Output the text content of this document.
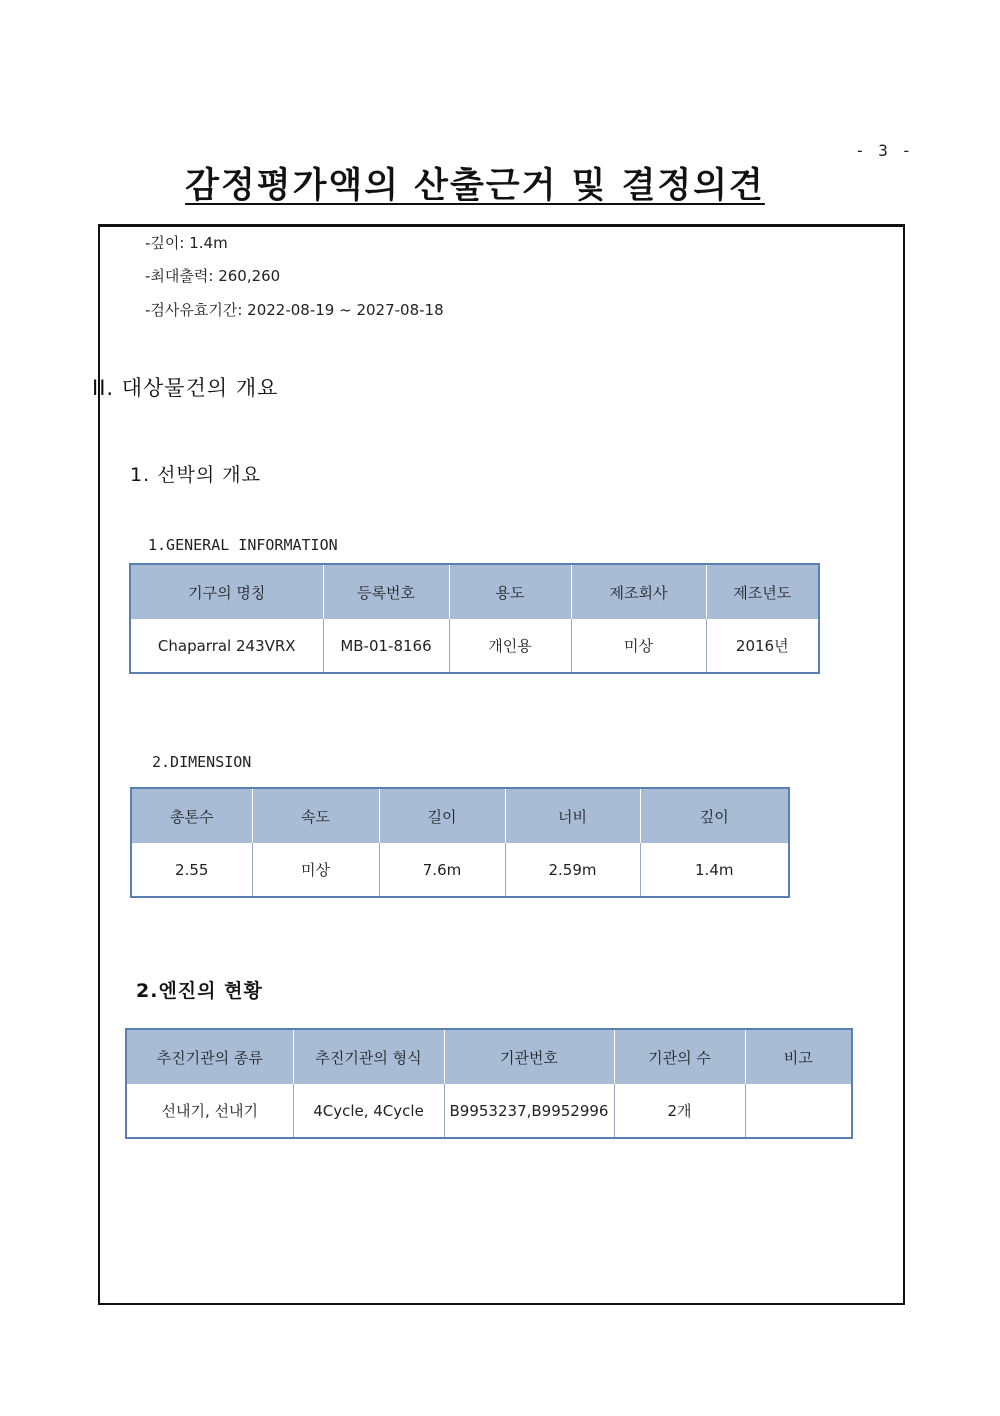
- 3 -
감정평가액의 산출근거 및 결정의견
-깊이: 1.4m
-최대출력: 260,260
-검사유효기간: 2022-08-19 ~ 2027-08-18
II. 대상물건의 개요
1. 선박의 개요
1.GENERAL INFORMATION
기구의 명칭	등록번호	용도	제조회사	제조년도
Chaparral 243VRX	MB-01-8166	개인용	미상	2016년
2.DIMENSION
총톤수	속도	길이	너비	깊이
2.55	미상	7.6m	2.59m	1.4m
2.엔진의 현황
추진기관의 종류	추진기관의 형식	기관번호	기관의 수	비고
선내기, 선내기	4Cycle, 4Cycle	B9953237,B9952996	2개	
